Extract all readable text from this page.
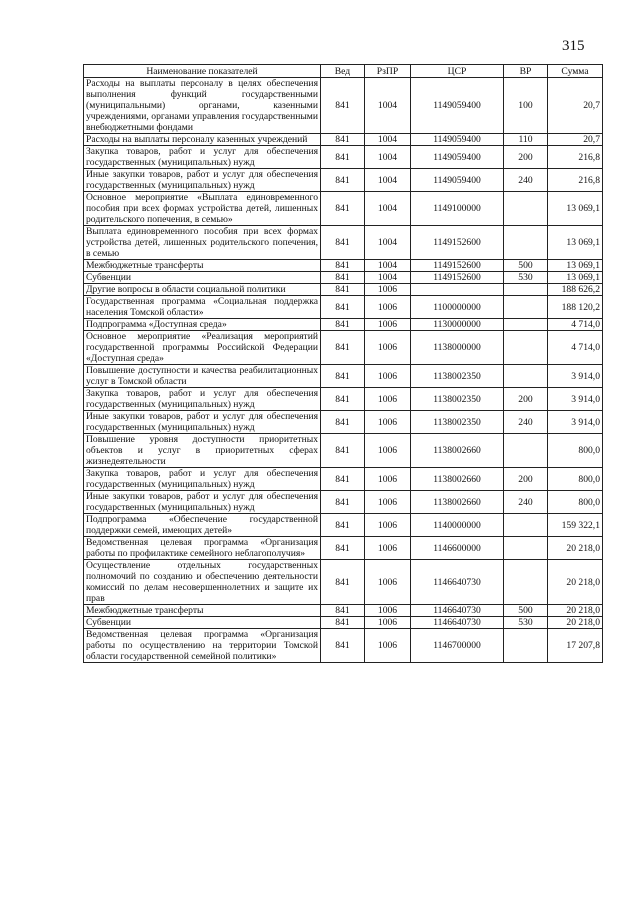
315
Наименование показателей	Вед	РзПР	ЦСР	ВР	Сумма
Расходы на выплаты персоналу в целях обеспечения выполнения функций государственными (муниципальными) органами, казенными учреждениями, органами управления государственными внебюджетными фондами	841	1004	1149059400	100	20,7
Расходы на выплаты персоналу казенных учреждений	841	1004	1149059400	110	20,7
Закупка товаров, работ и услуг для обеспечения государственных (муниципальных) нужд	841	1004	1149059400	200	216,8
Иные закупки товаров, работ и услуг для обеспечения государственных (муниципальных) нужд	841	1004	1149059400	240	216,8
Основное мероприятие «Выплата единовременного пособия при всех формах устройства детей, лишенных родительского попечения, в семью»	841	1004	1149100000		13 069,1
Выплата единовременного пособия при всех формах устройства детей, лишенных родительского попечения, в семью	841	1004	1149152600		13 069,1
Межбюджетные трансферты	841	1004	1149152600	500	13 069,1
Субвенции	841	1004	1149152600	530	13 069,1
Другие вопросы в области социальной политики	841	1006			188 626,2
Государственная программа «Социальная поддержка населения Томской области»	841	1006	1100000000		188 120,2
Подпрограмма «Доступная среда»	841	1006	1130000000		4 714,0
Основное мероприятие «Реализация мероприятий государственной программы Российской Федерации «Доступная среда»	841	1006	1138000000		4 714,0
Повышение доступности и качества реабилитационных услуг в Томской области	841	1006	1138002350		3 914,0
Закупка товаров, работ и услуг для обеспечения государственных (муниципальных) нужд	841	1006	1138002350	200	3 914,0
Иные закупки товаров, работ и услуг для обеспечения государственных (муниципальных) нужд	841	1006	1138002350	240	3 914,0
Повышение уровня доступности приоритетных объектов и услуг в приоритетных сферах жизнедеятельности	841	1006	1138002660		800,0
Закупка товаров, работ и услуг для обеспечения государственных (муниципальных) нужд	841	1006	1138002660	200	800,0
Иные закупки товаров, работ и услуг для обеспечения государственных (муниципальных) нужд	841	1006	1138002660	240	800,0
Подпрограмма «Обеспечение государственной поддержки семей, имеющих детей»	841	1006	1140000000		159 322,1
Ведомственная целевая программа «Организация работы по профилактике семейного неблагополучия»	841	1006	1146600000		20 218,0
Осуществление отдельных государственных полномочий по созданию и обеспечению деятельности комиссий по делам несовершеннолетних и защите их прав	841	1006	1146640730		20 218,0
Межбюджетные трансферты	841	1006	1146640730	500	20 218,0
Субвенции	841	1006	1146640730	530	20 218,0
Ведомственная целевая программа «Организация работы по осуществлению на территории Томской области государственной семейной политики»	841	1006	1146700000		17 207,8
